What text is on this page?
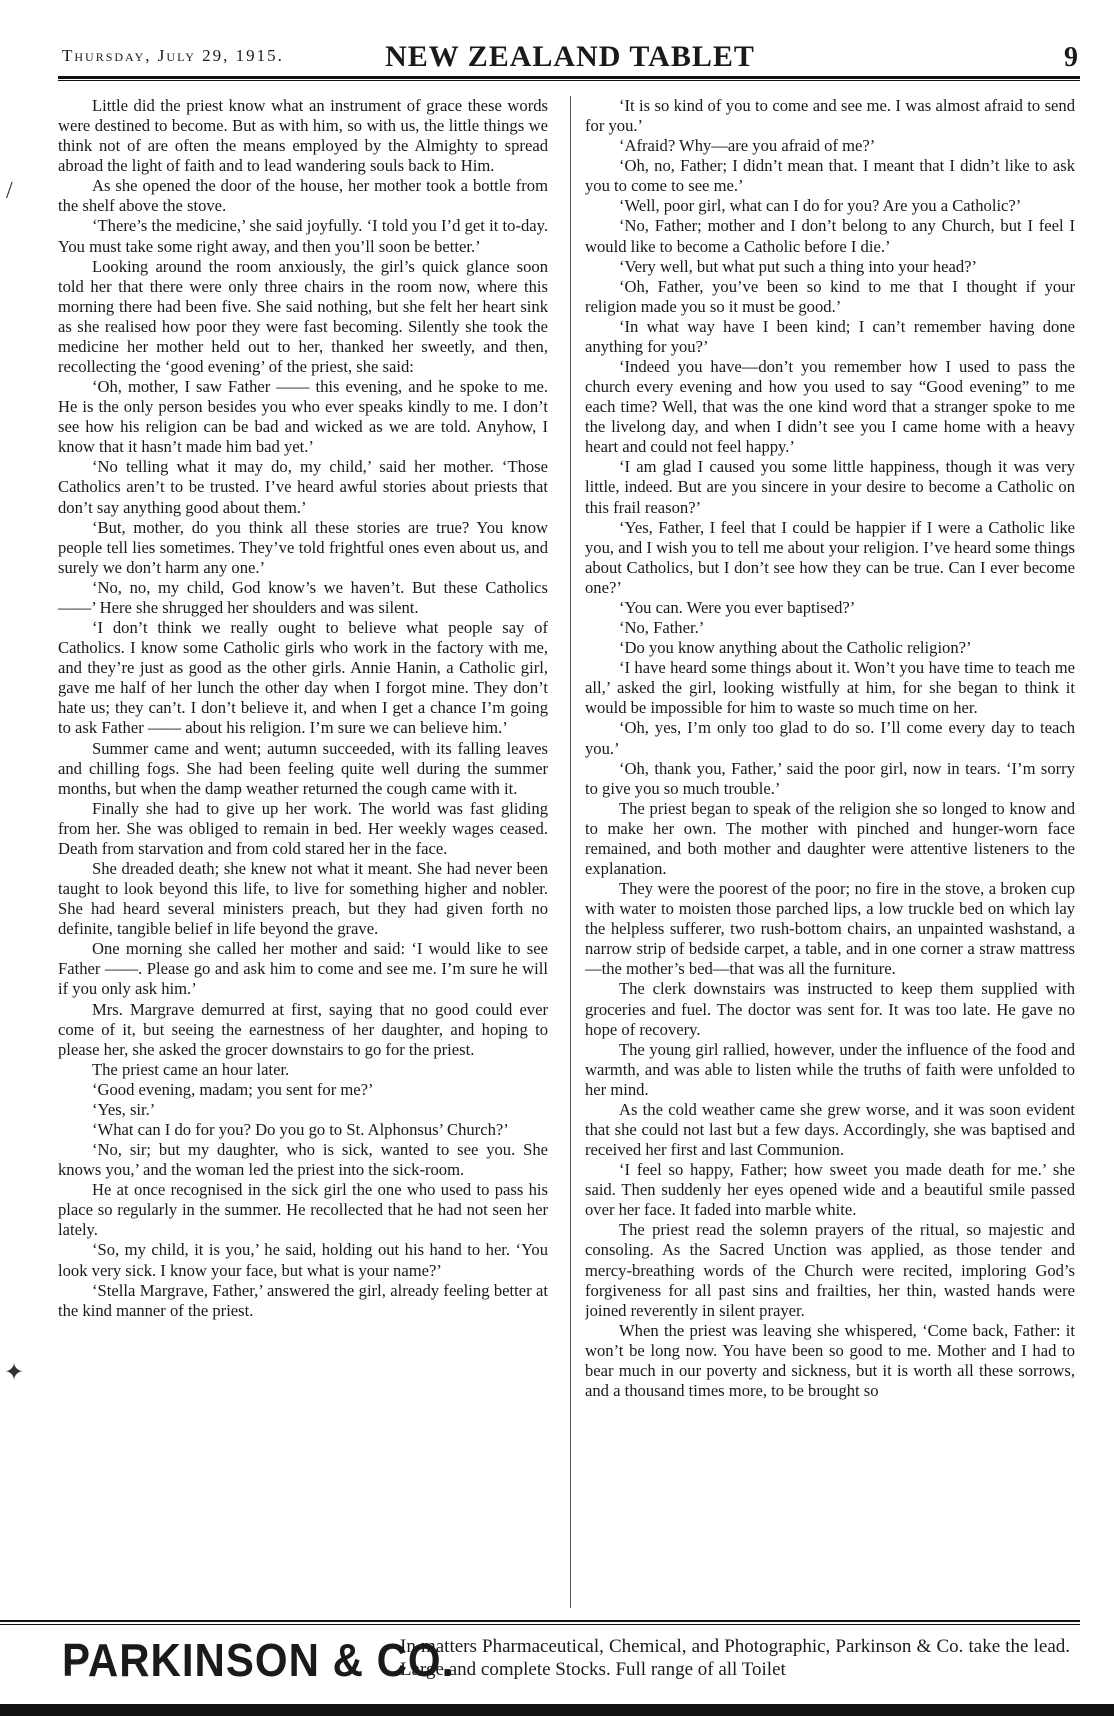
Thursday, July 29, 1915.	NEW ZEALAND TABLET	9
/
✦

Little did the priest know what an instrument of grace these words were destined to become. But as with him, so with us, the little things we think not of are often the means employed by the Almighty to spread abroad the light of faith and to lead wandering souls back to Him.

As she opened the door of the house, her mother took a bottle from the shelf above the stove.

‘There’s the medicine,’ she said joyfully. ‘I told you I’d get it to-day. You must take some right away, and then you’ll soon be better.’

Looking around the room anxiously, the girl’s quick glance soon told her that there were only three chairs in the room now, where this morning there had been five. She said nothing, but she felt her heart sink as she realised how poor they were fast becoming. Silently she took the medicine her mother held out to her, thanked her sweetly, and then, recollecting the ‘good evening’ of the priest, she said:

‘Oh, mother, I saw Father —— this evening, and he spoke to me. He is the only person besides you who ever speaks kindly to me. I don’t see how his religion can be bad and wicked as we are told. Anyhow, I know that it hasn’t made him bad yet.’

‘No telling what it may do, my child,’ said her mother. ‘Those Catholics aren’t to be trusted. I’ve heard awful stories about priests that don’t say anything good about them.’

‘But, mother, do you think all these stories are true? You know people tell lies sometimes. They’ve told frightful ones even about us, and surely we don’t harm any one.’

‘No, no, my child, God know’s we haven’t. But these Catholics——’ Here she shrugged her shoulders and was silent.

‘I don’t think we really ought to believe what people say of Catholics. I know some Catholic girls who work in the factory with me, and they’re just as good as the other girls. Annie Hanin, a Catholic girl, gave me half of her lunch the other day when I forgot mine. They don’t hate us; they can’t. I don’t believe it, and when I get a chance I’m going to ask Father —— about his religion. I’m sure we can believe him.’

Summer came and went; autumn succeeded, with its falling leaves and chilling fogs. She had been feeling quite well during the summer months, but when the damp weather returned the cough came with it.

Finally she had to give up her work. The world was fast gliding from her. She was obliged to remain in bed. Her weekly wages ceased. Death from starvation and from cold stared her in the face.

She dreaded death; she knew not what it meant. She had never been taught to look beyond this life, to live for something higher and nobler. She had heard several ministers preach, but they had given forth no definite, tangible belief in life beyond the grave.

One morning she called her mother and said: ‘I would like to see Father ——. Please go and ask him to come and see me. I’m sure he will if you only ask him.’

Mrs. Margrave demurred at first, saying that no good could ever come of it, but seeing the earnestness of her daughter, and hoping to please her, she asked the grocer downstairs to go for the priest.

The priest came an hour later.

‘Good evening, madam; you sent for me?’

‘Yes, sir.’

‘What can I do for you? Do you go to St. Alphonsus’ Church?’

‘No, sir; but my daughter, who is sick, wanted to see you. She knows you,’ and the woman led the priest into the sick-room.

He at once recognised in the sick girl the one who used to pass his place so regularly in the summer. He recollected that he had not seen her lately.

‘So, my child, it is you,’ he said, holding out his hand to her. ‘You look very sick. I know your face, but what is your name?’

‘Stella Margrave, Father,’ answered the girl, already feeling better at the kind manner of the priest.

‘It is so kind of you to come and see me. I was almost afraid to send for you.’

‘Afraid? Why—are you afraid of me?’

‘Oh, no, Father; I didn’t mean that. I meant that I didn’t like to ask you to come to see me.’

‘Well, poor girl, what can I do for you? Are you a Catholic?’

‘No, Father; mother and I don’t belong to any Church, but I feel I would like to become a Catholic before I die.’

‘Very well, but what put such a thing into your head?’

‘Oh, Father, you’ve been so kind to me that I thought if your religion made you so it must be good.’

‘In what way have I been kind; I can’t remember having done anything for you?’

‘Indeed you have—don’t you remember how I used to pass the church every evening and how you used to say “Good evening” to me each time? Well, that was the one kind word that a stranger spoke to me the livelong day, and when I didn’t see you I came home with a heavy heart and could not feel happy.’

‘I am glad I caused you some little happiness, though it was very little, indeed. But are you sincere in your desire to become a Catholic on this frail reason?’

‘Yes, Father, I feel that I could be happier if I were a Catholic like you, and I wish you to tell me about your religion. I’ve heard some things about Catholics, but I don’t see how they can be true. Can I ever become one?’

‘You can. Were you ever baptised?’

‘No, Father.’

‘Do you know anything about the Catholic religion?’

‘I have heard some things about it. Won’t you have time to teach me all,’ asked the girl, looking wistfully at him, for she began to think it would be impossible for him to waste so much time on her.

‘Oh, yes, I’m only too glad to do so. I’ll come every day to teach you.’

‘Oh, thank you, Father,’ said the poor girl, now in tears. ‘I’m sorry to give you so much trouble.’

The priest began to speak of the religion she so longed to know and to make her own. The mother with pinched and hunger-worn face remained, and both mother and daughter were attentive listeners to the explanation.

They were the poorest of the poor; no fire in the stove, a broken cup with water to moisten those parched lips, a low truckle bed on which lay the helpless sufferer, two rush-bottom chairs, an unpainted washstand, a narrow strip of bedside carpet, a table, and in one corner a straw mattress—the mother’s bed—that was all the furniture.

The clerk downstairs was instructed to keep them supplied with groceries and fuel. The doctor was sent for. It was too late. He gave no hope of recovery.

The young girl rallied, however, under the influence of the food and warmth, and was able to listen while the truths of faith were unfolded to her mind.

As the cold weather came she grew worse, and it was soon evident that she could not last but a few days. Accordingly, she was baptised and received her first and last Communion.

‘I feel so happy, Father; how sweet you made death for me.’ she said. Then suddenly her eyes opened wide and a beautiful smile passed over her face. It faded into marble white.

The priest read the solemn prayers of the ritual, so majestic and consoling. As the Sacred Unction was applied, as those tender and mercy-breathing words of the Church were recited, imploring God’s forgiveness for all past sins and frailties, her thin, wasted hands were joined reverently in silent prayer.

When the priest was leaving she whispered, ‘Come back, Father: it won’t be long now. You have been so good to me. Mother and I had to bear much in our poverty and sickness, but it is worth all these sorrows, and a thousand times more, to be brought so

PARKINSON & CO.
In matters Pharmaceutical, Chemical, and Photographic, Parkinson & Co. take the lead. Large and complete Stocks. Full range of all Toilet
